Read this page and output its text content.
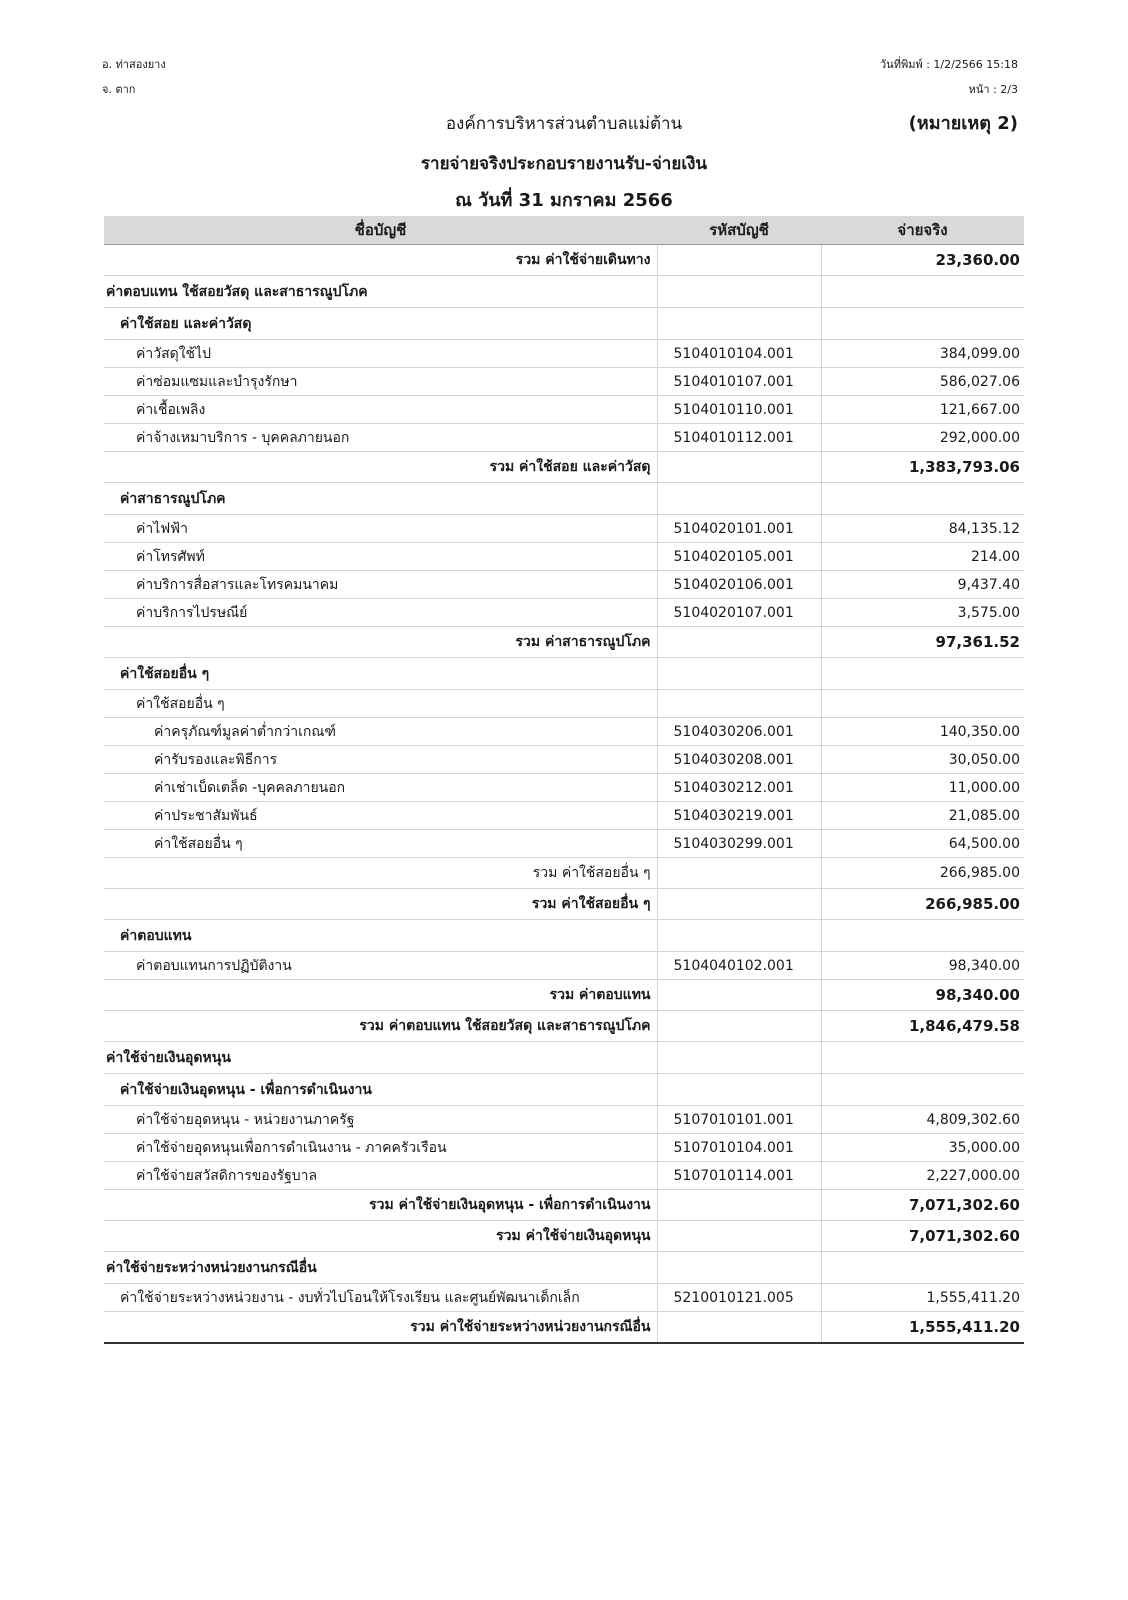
อ. ท่าสองยาง
จ. ตาก
วันที่พิมพ์ : 1/2/2566 15:18
หน้า : 2/3
องค์การบริหารส่วนตำบลแม่ต้าน	(หมายเหตุ 2)
รายจ่ายจริงประกอบรายงานรับ-จ่ายเงิน
ณ วันที่ 31 มกราคม 2566
ชื่อบัญชี	รหัสบัญชี	จ่ายจริง
รวม ค่าใช้จ่ายเดินทาง		23,360.00
ค่าตอบแทน ใช้สอยวัสดุ และสาธารณูปโภค		
ค่าใช้สอย และค่าวัสดุ		
ค่าวัสดุใช้ไป	5104010104.001	384,099.00
ค่าซ่อมแซมและบำรุงรักษา	5104010107.001	586,027.06
ค่าเชื้อเพลิง	5104010110.001	121,667.00
ค่าจ้างเหมาบริการ - บุคคลภายนอก	5104010112.001	292,000.00
รวม ค่าใช้สอย และค่าวัสดุ		1,383,793.06
ค่าสาธารณูปโภค		
ค่าไฟฟ้า	5104020101.001	84,135.12
ค่าโทรศัพท์	5104020105.001	214.00
ค่าบริการสื่อสารและโทรคมนาคม	5104020106.001	9,437.40
ค่าบริการไปรษณีย์	5104020107.001	3,575.00
รวม ค่าสาธารณูปโภค		97,361.52
ค่าใช้สอยอื่น ๆ		
ค่าใช้สอยอื่น ๆ		
ค่าครุภัณฑ์มูลค่าต่ำกว่าเกณฑ์	5104030206.001	140,350.00
ค่ารับรองและพิธีการ	5104030208.001	30,050.00
ค่าเช่าเบ็ดเตล็ด -บุคคลภายนอก	5104030212.001	11,000.00
ค่าประชาสัมพันธ์	5104030219.001	21,085.00
ค่าใช้สอยอื่น ๆ	5104030299.001	64,500.00
รวม ค่าใช้สอยอื่น ๆ		266,985.00
รวม ค่าใช้สอยอื่น ๆ		266,985.00
ค่าตอบแทน		
ค่าตอบแทนการปฏิบัติงาน	5104040102.001	98,340.00
รวม ค่าตอบแทน		98,340.00
รวม ค่าตอบแทน ใช้สอยวัสดุ และสาธารณูปโภค		1,846,479.58
ค่าใช้จ่ายเงินอุดหนุน		
ค่าใช้จ่ายเงินอุดหนุน - เพื่อการดำเนินงาน		
ค่าใช้จ่ายอุดหนุน - หน่วยงานภาครัฐ	5107010101.001	4,809,302.60
ค่าใช้จ่ายอุดหนุนเพื่อการดำเนินงาน - ภาคครัวเรือน	5107010104.001	35,000.00
ค่าใช้จ่ายสวัสดิการของรัฐบาล	5107010114.001	2,227,000.00
รวม ค่าใช้จ่ายเงินอุดหนุน - เพื่อการดำเนินงาน		7,071,302.60
รวม ค่าใช้จ่ายเงินอุดหนุน		7,071,302.60
ค่าใช้จ่ายระหว่างหน่วยงานกรณีอื่น		
ค่าใช้จ่ายระหว่างหน่วยงาน - งบทั่วไปโอนให้โรงเรียน และศูนย์พัฒนาเด็กเล็ก	5210010121.005	1,555,411.20
รวม ค่าใช้จ่ายระหว่างหน่วยงานกรณีอื่น		1,555,411.20
